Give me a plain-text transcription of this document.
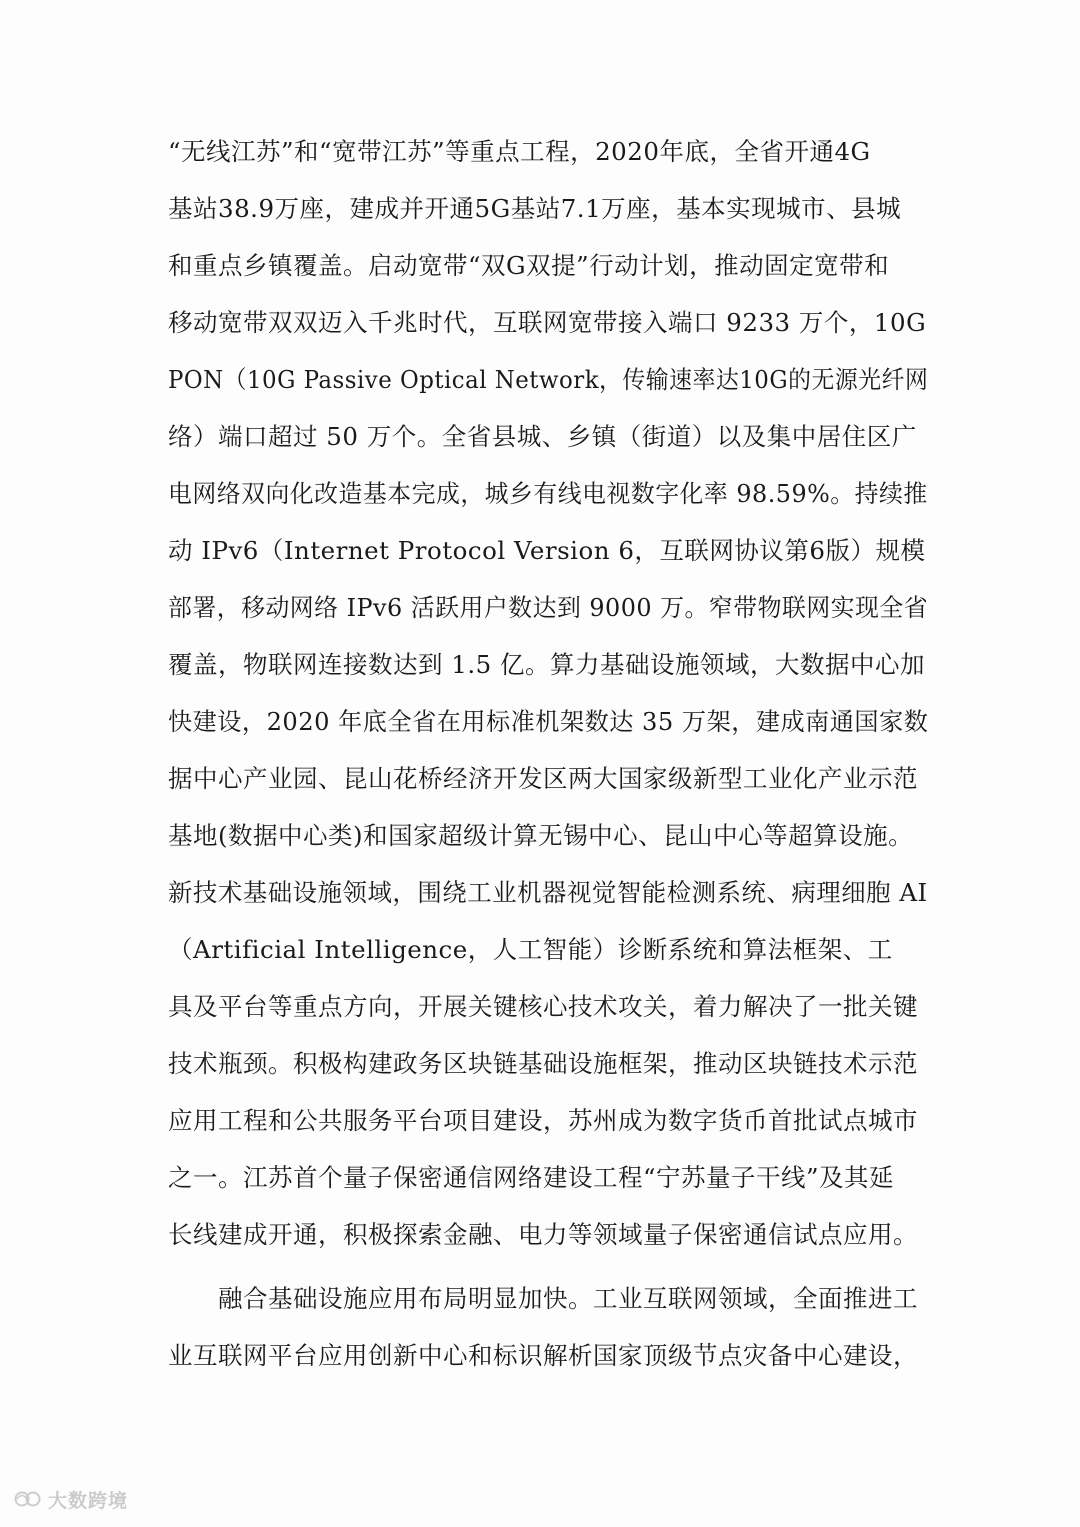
“无线江苏”和“宽带江苏”等重点工程，2020年底，全省开通4G
基站38.9万座，建成并开通5G基站7.1万座，基本实现城市、县城
和重点乡镇覆盖。启动宽带“双G双提”行动计划，推动固定宽带和
移动宽带双双迈入千兆时代，互联网宽带接入端口 9233 万个，10G
PON（10G Passive Optical Network，传输速率达10G的无源光纤网
络）端口超过 50 万个。全省县城、乡镇（街道）以及集中居住区广
电网络双向化改造基本完成，城乡有线电视数字化率 98.59%。持续推
动 IPv6（Internet Protocol Version 6，互联网协议第6版）规模
部署，移动网络 IPv6 活跃用户数达到 9000 万。窄带物联网实现全省
覆盖，物联网连接数达到 1.5 亿。算力基础设施领域，大数据中心加
快建设，2020 年底全省在用标准机架数达 35 万架，建成南通国家数
据中心产业园、昆山花桥经济开发区两大国家级新型工业化产业示范
基地(数据中心类)和国家超级计算无锡中心、昆山中心等超算设施。
新技术基础设施领域，围绕工业机器视觉智能检测系统、病理细胞 AI
（Artificial Intelligence，人工智能）诊断系统和算法框架、工
具及平台等重点方向，开展关键核心技术攻关，着力解决了一批关键
技术瓶颈。积极构建政务区块链基础设施框架，推动区块链技术示范
应用工程和公共服务平台项目建设，苏州成为数字货币首批试点城市
之一。江苏首个量子保密通信网络建设工程“宁苏量子干线”及其延
长线建成开通，积极探索金融、电力等领域量子保密通信试点应用。
　　融合基础设施应用布局明显加快。工业互联网领域，全面推进工
业互联网平台应用创新中心和标识解析国家顶级节点灾备中心建设，
大数跨境
